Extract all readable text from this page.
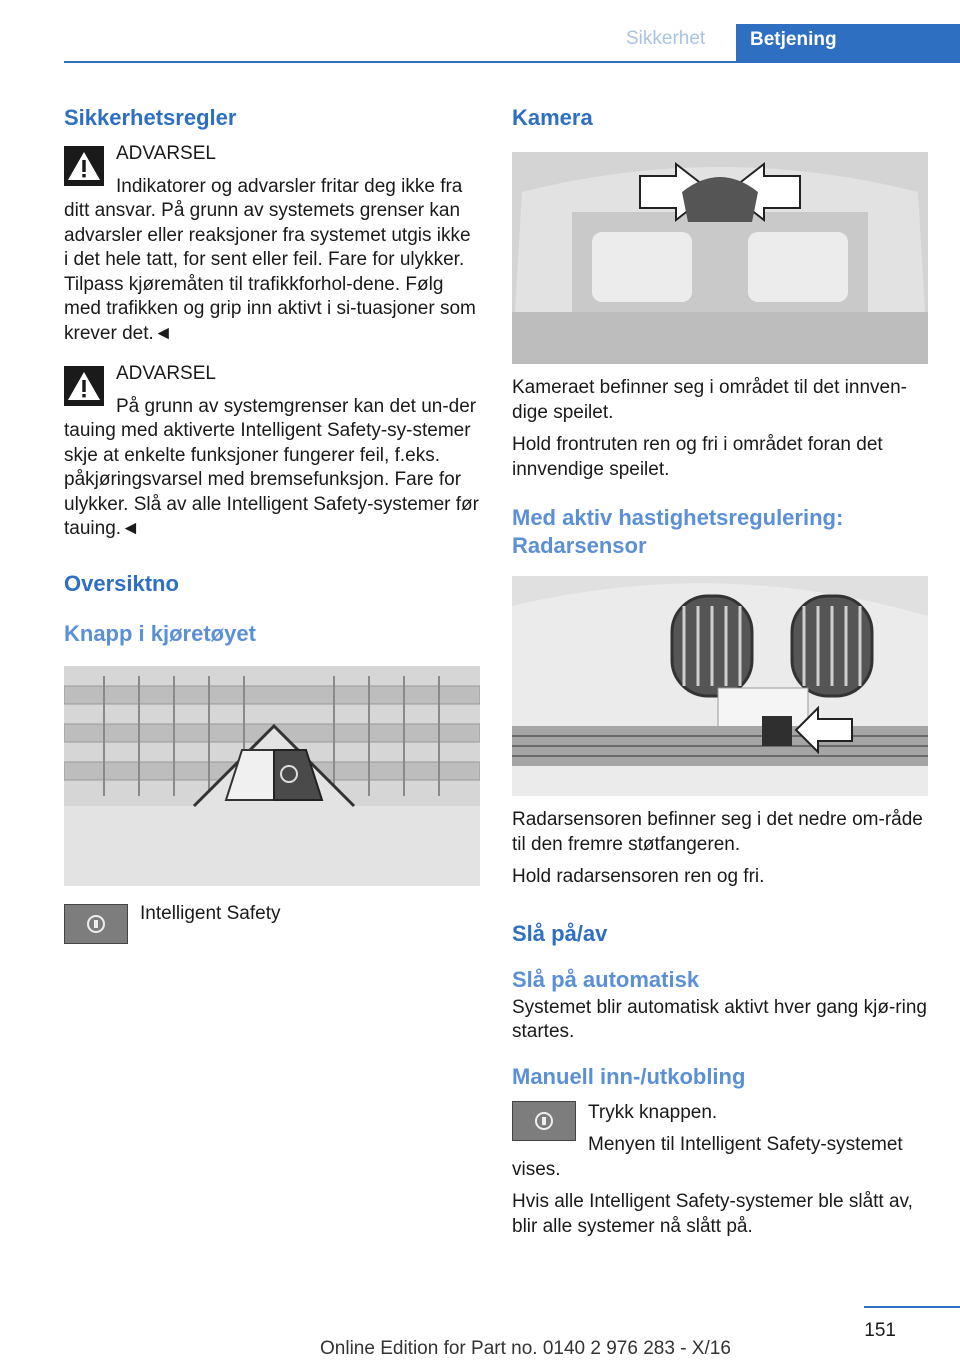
Sikkerhet	Betjening
Sikkerhetsregler

ADVARSEL

Indikatorer og advarsler fritar deg ikke fra ditt ansvar. På grunn av systemets grenser kan advarsler eller reaksjoner fra systemet utgis ikke i det hele tatt, for sent eller feil. Fare for ulykker. Tilpass kjøremåten til trafikkforhol-dene. Følg med trafikken og grip inn aktivt i si-tuasjoner som krever det.◄

ADVARSEL

På grunn av systemgrenser kan det un-der tauing med aktiverte Intelligent Safety-sy-stemer skje at enkelte funksjoner fungerer feil, f.eks. påkjøringsvarsel med bremsefunksjon. Fare for ulykker. Slå av alle Intelligent Safety-systemer før tauing.◄

Oversiktno
Knapp i kjøretøyet

Intelligent Safety

Kamera

Kameraet befinner seg i området til det innven-dige speilet.

Hold frontruten ren og fri i området foran det innvendige speilet.

Med aktiv hastighetsregulering:
Radarsensor

Radarsensoren befinner seg i det nedre om-råde til den fremre støtfangeren.

Hold radarsensoren ren og fri.

Slå på/av
Slå på automatisk

Systemet blir automatisk aktivt hver gang kjø-ring startes.

Manuell inn-/utkobling

Trykk knappen.

Menyen til Intelligent Safety-systemet vises.

Hvis alle Intelligent Safety-systemer ble slått av, blir alle systemer nå slått på.

151
Online Edition for Part no. 0140 2 976 283 - X/16
